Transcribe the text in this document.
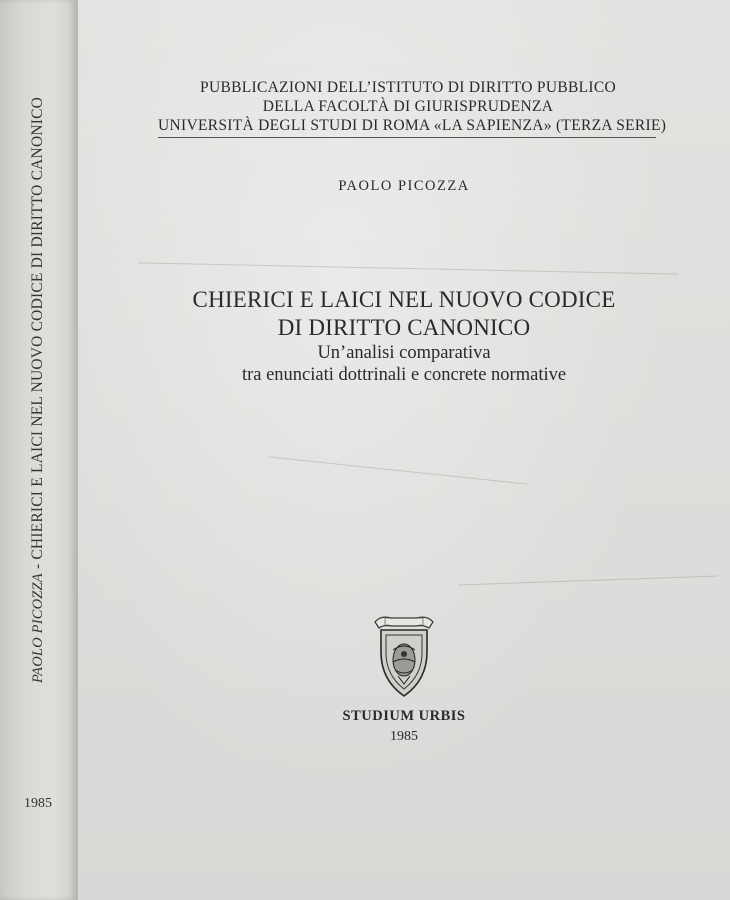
PAOLO PICOZZA - CHIERICI E LAICI NEL NUOVO CODICE DI DIRITTO CANONICO
1985
PUBBLICAZIONI DELL’ISTITUTO DI DIRITTO PUBBLICO
DELLA FACOLTÀ DI GIURISPRUDENZA
UNIVERSITÀ DEGLI STUDI DI ROMA «LA SAPIENZA» (TERZA SERIE)
PAOLO PICOZZA
CHIERICI E LAICI NEL NUOVO CODICE
DI DIRITTO CANONICO
Un’analisi comparativa
tra enunciati dottrinali e concrete normative
STUDIUM URBIS
1985
